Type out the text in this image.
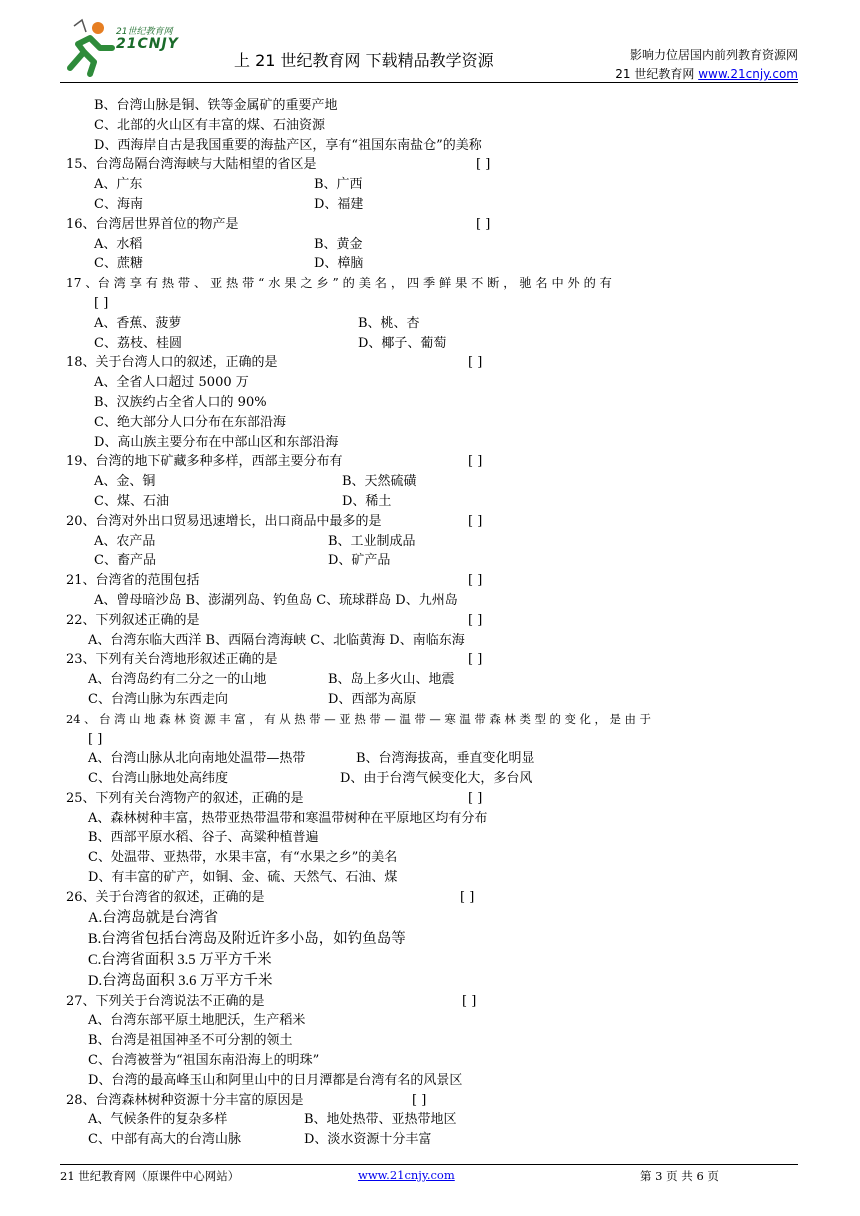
21世纪教育网
21CNJY
上 21 世纪教育网 下载精品教学资源	影响力位居国内前列教育资源网
21 世纪教育网 www.21cnjy.com
B、台湾山脉是铜、铁等金属矿的重要产地
C、北部的火山区有丰富的煤、石油资源
D、西海岸自古是我国重要的海盐产区，享有“祖国东南盐仓”的美称
15、台湾岛隔台湾海峡与大陆相望的省区是	[ ]
A、广东	B、广西
C、海南	D、福建
16、台湾居世界首位的物产是	[ ]
A、水稻	B、黄金
C、蔗糖	D、樟脑
17 、台 湾 享 有 热 带 、 亚 热 带 “ 水 果 之 乡 ” 的 美 名 ， 四 季 鲜 果 不 断 ， 驰 名 中 外 的 有
[ ]
A、香蕉、菠萝	B、桃、杏
C、荔枝、桂圆	D、椰子、葡萄
18、关于台湾人口的叙述，正确的是	[ ]
A、全省人口超过 5000 万
B、汉族约占全省人口的 90%
C、绝大部分人口分布在东部沿海
D、高山族主要分布在中部山区和东部沿海
19、台湾的地下矿藏多种多样，西部主要分布有	[ ]
A、金、铜	B、天然硫磺
C、煤、石油	D、稀土
20、台湾对外出口贸易迅速增长，出口商品中最多的是	[ ]
A、农产品	B、工业制成品
C、畜产品	D、矿产品
21、台湾省的范围包括	[ ]
A、曾母暗沙岛 B、澎湖列岛、钓鱼岛 C、琉球群岛 D、九州岛
22、下列叙述正确的是	[ ]
A、台湾东临大西洋 B、西隔台湾海峡 C、北临黄海 D、南临东海
23、下列有关台湾地形叙述正确的是	[ ]
A、台湾岛约有二分之一的山地	B、岛上多火山、地震
C、台湾山脉为东西走向	D、西部为高原
24 、 台 湾 山 地 森 林 资 源 丰 富 ， 有 从 热 带 — 亚 热 带 — 温 带 — 寒 温 带 森 林 类 型 的 变 化 ， 是 由 于
[ ]
A、台湾山脉从北向南地处温带—热带	B、台湾海拔高，垂直变化明显
C、台湾山脉地处高纬度	D、由于台湾气候变化大，多台风
25、下列有关台湾物产的叙述，正确的是	[ ]
A、森林树种丰富，热带亚热带温带和寒温带树种在平原地区均有分布
B、西部平原水稻、谷子、高粱种植普遍
C、处温带、亚热带，水果丰富，有“水果之乡”的美名
D、有丰富的矿产，如铜、金、硫、天然气、石油、煤
26、关于台湾省的叙述，正确的是	[ ]
A.台湾岛就是台湾省
B.台湾省包括台湾岛及附近许多小岛，如钓鱼岛等
C.台湾省面积 3.5 万平方千米
D.台湾岛面积 3.6 万平方千米
27、下列关于台湾说法不正确的是	[ ]
A、台湾东部平原土地肥沃，生产稻米
B、台湾是祖国神圣不可分割的领土
C、台湾被誉为“祖国东南沿海上的明珠”
D、台湾的最高峰玉山和阿里山中的日月潭都是台湾有名的风景区
28、台湾森林树种资源十分丰富的原因是	[ ]
A、气候条件的复杂多样	B、地处热带、亚热带地区
C、中部有高大的台湾山脉	D、淡水资源十分丰富
21 世纪教育网（原课件中心网站）	www.21cnjy.com	第 3 页 共 6 页
